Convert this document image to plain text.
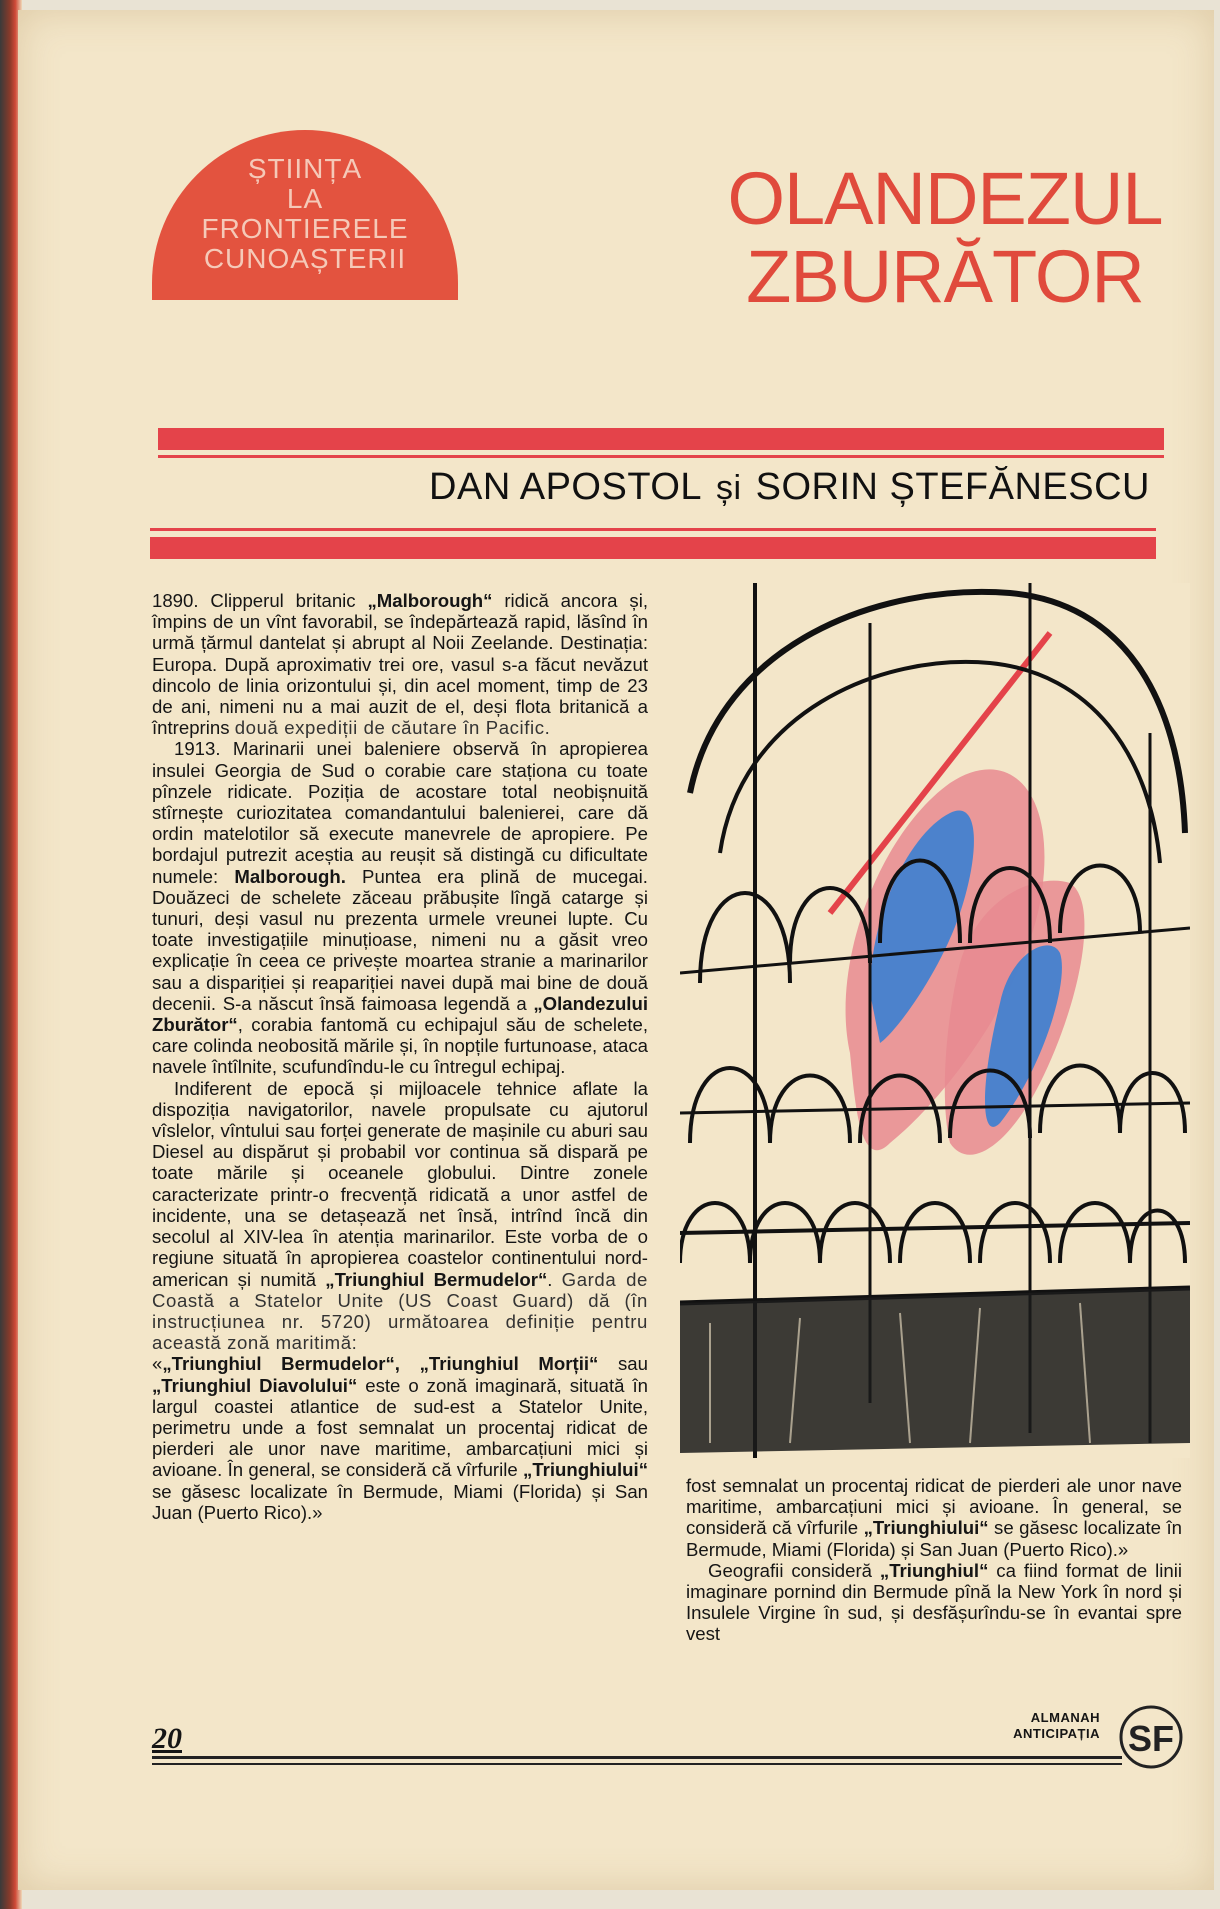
ȘTIINȚA
LA
FRONTIERELE
CUNOAȘTERII
OLANDEZUL
ZBURĂTOR
DAN APOSTOL și SORIN ȘTEFĂNESCU

1890. Clipperul britanic „Malborough“ ridică ancora și, împins de un vînt favorabil, se îndepărtează rapid, lăsînd în urmă țărmul dantelat și abrupt al Noii Zeelande. Destinația: Europa. După aproximativ trei ore, vasul s-a făcut nevăzut dincolo de linia orizontului și, din acel moment, timp de 23 de ani, nimeni nu a mai auzit de el, deși flota britanică a întreprins două expediții de căutare în Pacific.

1913. Marinarii unei baleniere observă în apropierea insulei Georgia de Sud o corabie care staționa cu toate pînzele ridicate. Poziția de acostare total neobișnuită stîrnește curiozitatea comandantului balenierei, care dă ordin matelotilor să execute manevrele de apropiere. Pe bordajul putrezit aceștia au reușit să distingă cu dificultate numele: Malborough. Puntea era plină de mucegai. Douăzeci de schelete zăceau prăbușite lîngă catarge și tunuri, deși vasul nu prezenta urmele vreunei lupte. Cu toate investigațiile minuțioase, nimeni nu a găsit vreo explicație în ceea ce privește moartea stranie a marinarilor sau a dispariției și reapariției navei după mai bine de două decenii. S-a născut însă faimoasa legendă a „Olandezului Zburător“, corabia fantomă cu echipajul său de schelete, care colinda neobosită mările și, în nopțile furtunoase, ataca navele întîlnite, scufundîndu-le cu întregul echipaj.

Indiferent de epocă și mijloacele tehnice aflate la dispoziția navigatorilor, navele propulsate cu ajutorul vîslelor, vîntului sau forței generate de mașinile cu aburi sau Diesel au dispărut și probabil vor continua să dispară pe toate mările și oceanele globului. Dintre zonele caracterizate printr-o frecvență ridicată a unor astfel de incidente, una se detașează net însă, intrînd încă din secolul al XIV-lea în atenția marinarilor. Este vorba de o regiune situată în apropierea coastelor continentului nord-american și numită „Triunghiul Bermudelor“. Garda de Coastă a Statelor Unite (US Coast Guard) dă (în instrucțiunea nr. 5720) următoarea definiție pentru această zonă maritimă:

«„Triunghiul Bermudelor“, „Triunghiul Morții“ sau „Triunghiul Diavolului“ este o zonă imaginară, situată în largul coastei atlantice de sud-est a Statelor Unite, perimetru unde a fost semnalat un procentaj ridicat de pierderi ale unor nave maritime, ambarcațiuni mici și avioane. În general, se consideră că vîrfurile „Triunghiului“ se găsesc localizate în Bermude, Miami (Florida) și San Juan (Puerto Rico).»

fost semnalat un procentaj ridicat de pierderi ale unor nave maritime, ambarcațiuni mici și avioane. În general, se consideră că vîrfurile „Triunghiului“ se găsesc localizate în Bermude, Miami (Florida) și San Juan (Puerto Rico).»

Geografii consideră „Triunghiul“ ca fiind format de linii imaginare pornind din Bermude pînă la New York în nord și Insulele Virgine în sud, și desfășurîndu-se în evantai spre vest

20
ALMANAH
ANTICIPAȚIA SF
